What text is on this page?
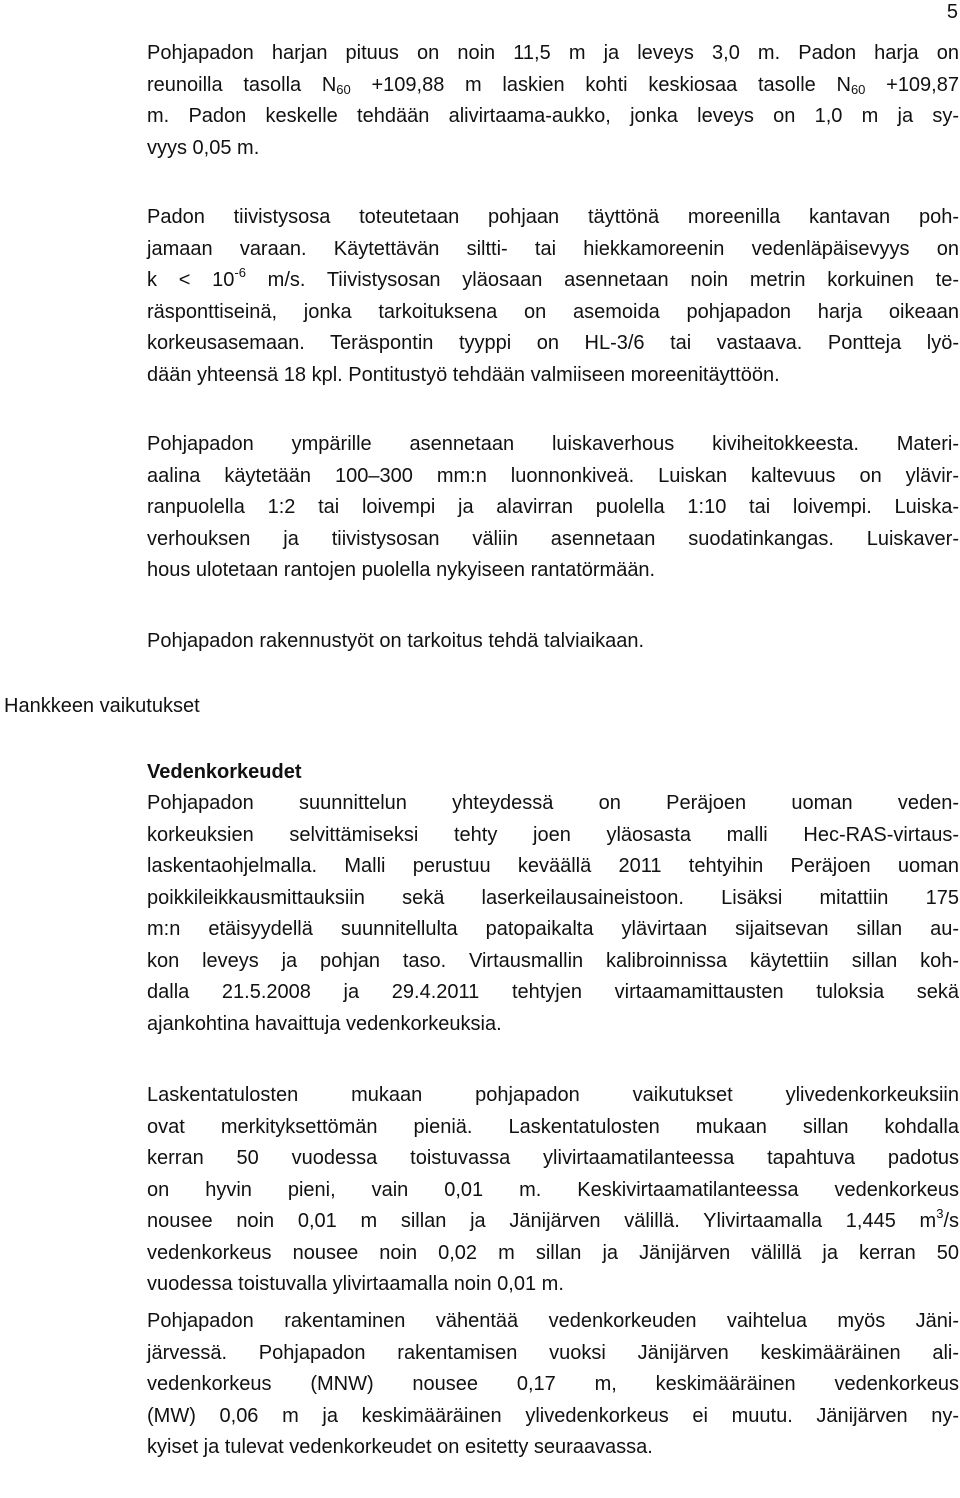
5
Hankkeen vaikutukset
Pohjapadon harjan pituus on noin 11,5 m ja leveys 3,0 m. Padon harja on
reunoilla tasolla $N_{60} +109,88$ m laskien kohti keskiosaa tasolle $N_{60} +109,87$
m. Padon keskelle tehdään alivirtaama-aukko, jonka leveys on 1,0 m ja sy-
vyys 0,05 m.
Padon tiivistysosa toteutetaan pohjaan täyttönä moreenilla kantavan poh-
jamaan varaan. Käytettävän siltti- tai hiekkamoreenin vedenläpäisevyys on
$k < 10^{-6}$ m/s. Tiivistysosan yläosaan asennetaan noin metrin korkuinen te-
räsponttiseinä, jonka tarkoituksena on asemoida pohjapadon harja oikeaan
korkeusasemaan. Teräspontin tyyppi on HL-3/6 tai vastaava. Pontteja lyö-
dään yhteensä 18 kpl. Pontitustyö tehdään valmiiseen moreenitäyttöön.
Pohjapadon ympärille asennetaan luiskaverhous kiviheitokkeesta. Materi-
aalina käytetään 100–300 mm:n luonnonkiveä. Luiskan kaltevuus on ylävir-
ranpuolella 1:2 tai loivempi ja alavirran puolella 1:10 tai loivempi. Luiska-
verhouksen ja tiivistysosan väliin asennetaan suodatinkangas. Luiskaver-
hous ulotetaan rantojen puolella nykyiseen rantatörmään.
Pohjapadon rakennustyöt on tarkoitus tehdä talviaikaan.
Vedenkorkeudet
Pohjapadon suunnittelun yhteydessä on Peräjoen uoman veden-
korkeuksien selvittämiseksi tehty joen yläosasta malli Hec-RAS-virtaus-
laskentaohjelmalla. Malli perustuu keväällä 2011 tehtyihin Peräjoen uoman
poikkileikkausmittauksiin sekä laserkeilausaineistoon. Lisäksi mitattiin 175
m:n etäisyydellä suunnitellulta patopaikalta ylävirtaan sijaitsevan sillan au-
kon leveys ja pohjan taso. Virtausmallin kalibroinnissa käytettiin sillan koh-
dalla 21.5.2008 ja 29.4.2011 tehtyjen virtaamamittausten tuloksia sekä
ajankohtina havaittuja vedenkorkeuksia.
Laskentatulosten mukaan pohjapadon vaikutukset ylivedenkorkeuksiin
ovat merkityksettömän pieniä. Laskentatulosten mukaan sillan kohdalla
kerran 50 vuodessa toistuvassa ylivirtaamatilanteessa tapahtuva padotus
on hyvin pieni, vain 0,01 m. Keskivirtaamatilanteessa vedenkorkeus
nousee noin 0,01 m sillan ja Jänijärven välillä. Ylivirtaamalla 1,445 $m^3/s$
vedenkorkeus nousee noin 0,02 m sillan ja Jänijärven välillä ja kerran 50
vuodessa toistuvalla ylivirtaamalla noin 0,01 m.
Pohjapadon rakentaminen vähentää vedenkorkeuden vaihtelua myös Jäni-
järvessä. Pohjapadon rakentamisen vuoksi Jänijärven keskimääräinen ali-
vedenkorkeus (MNW) nousee 0,17 m, keskimääräinen vedenkorkeus
(MW) 0,06 m ja keskimääräinen ylivedenkorkeus ei muutu. Jänijärven ny-
kyiset ja tulevat vedenkorkeudet on esitetty seuraavassa.
